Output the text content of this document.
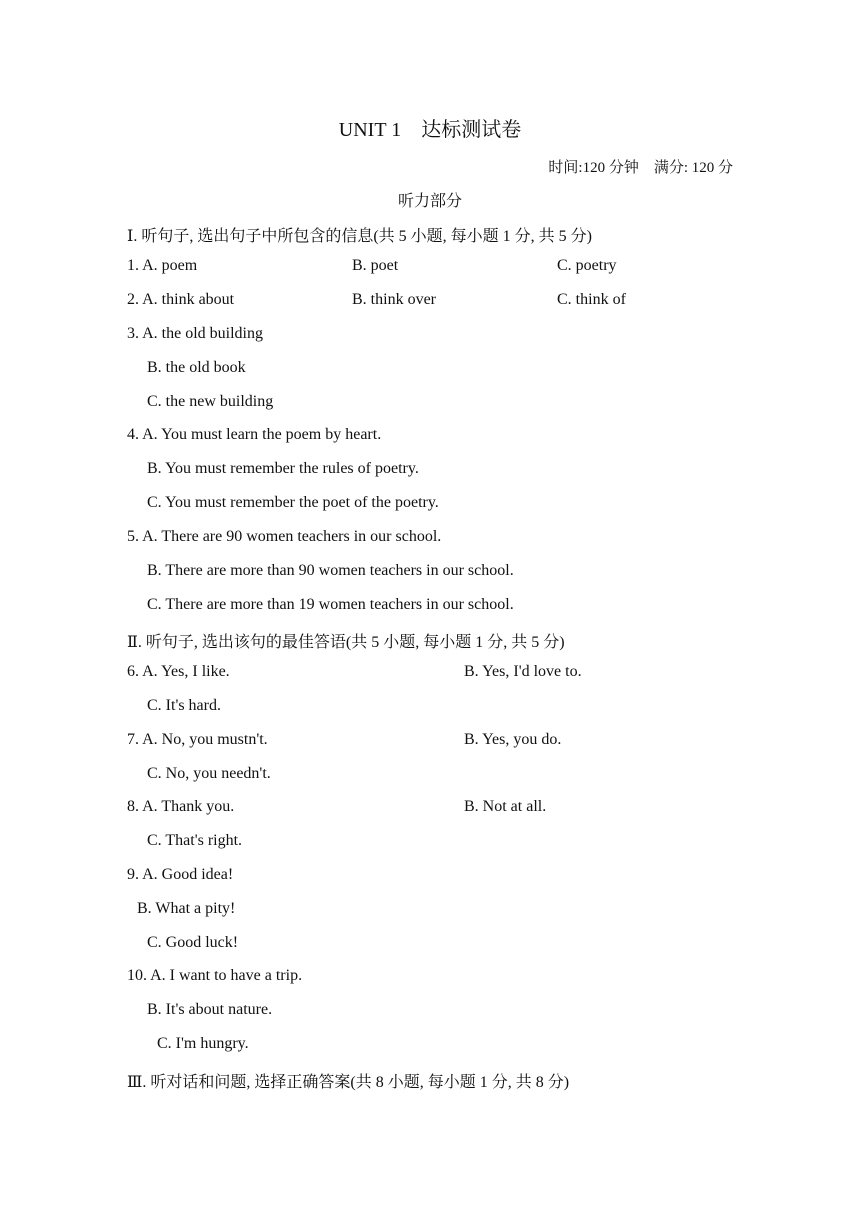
UNIT 1　达标测试卷
时间:120 分钟　满分: 120 分
听力部分
Ⅰ. 听句子, 选出句子中所包含的信息(共 5 小题, 每小题 1 分, 共 5 分)
1. A. poem	B. poet	C. poetry
2. A. think about	B. think over	C. think of
3. A. the old building
B. the old book
C. the new building
4. A. You must learn the poem by heart.
B. You must remember the rules of poetry.
C. You must remember the poet of the poetry.
5. A. There are 90 women teachers in our school.
B. There are more than 90 women teachers in our school.
C. There are more than 19 women teachers in our school.
Ⅱ. 听句子, 选出该句的最佳答语(共 5 小题, 每小题 1 分, 共 5 分)
6. A. Yes, I like.	B. Yes, I'd love to.
C. It's hard.
7. A. No, you mustn't.	B. Yes, you do.
C. No, you needn't.
8. A. Thank you.	B. Not at all.
C. That's right.
9. A. Good idea!
B. What a pity!
C. Good luck!
10. A. I want to have a trip.
B. It's about nature.
C. I'm hungry.
Ⅲ. 听对话和问题, 选择正确答案(共 8 小题, 每小题 1 分, 共 8 分)
